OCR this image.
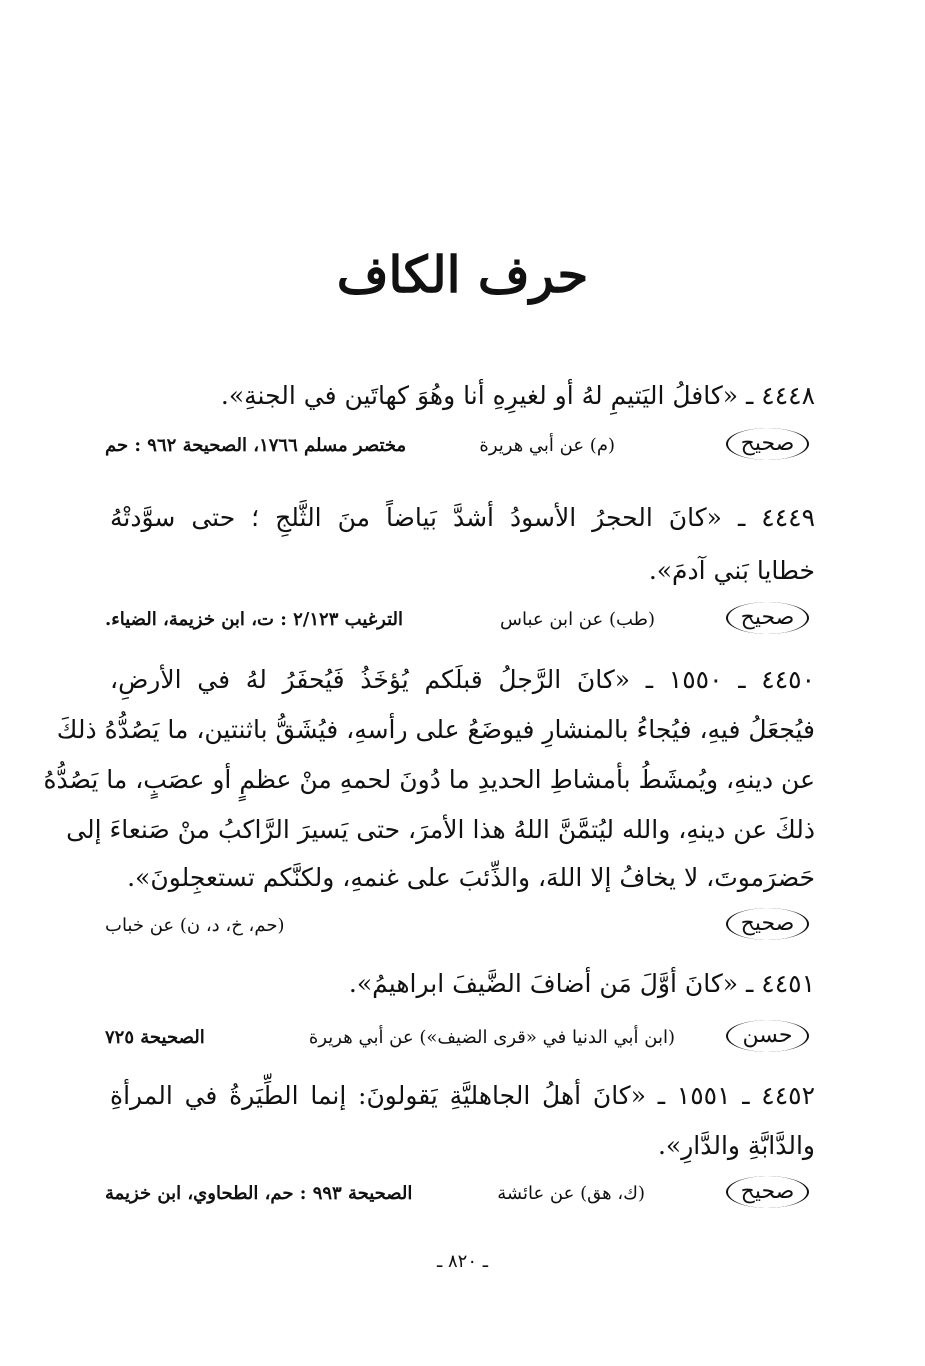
حرف الكاف
٤٤٤٨ ـ «كافلُ اليَتيمِ لهُ أو لغيرِهِ أنا وهُوَ كهاتَين في الجنةِ».
صحيح
(م) عن أبي هريرة
مختصر مسلم ١٧٦٦، الصحيحة ٩٦٢ : حم
٤٤٤٩ ـ «كانَ الحجرُ الأسودُ أشدَّ بَياضاً منَ الثَّلجِ ؛ حتى سوَّدتْهُ
خطايا بَني آدمَ».
صحيح
(طب) عن ابن عباس
الترغيب ٢/١٢٣ : ت، ابن خزيمة، الضياء.
٤٤٥٠ ـ ١٥٥٠ ـ «كانَ الرَّجلُ قبلَكم يُؤخَذُ فَيُحفَرُ لهُ في الأرضِ،
فيُجعَلُ فيهِ، فيُجاءُ بالمنشارِ فيوضَعُ على رأسهِ، فيُشَقُّ باثنتين، ما يَصُدُّهُ ذلكَ
عن دينهِ، ويُمشَطُ بأمشاطِ الحديدِ ما دُونَ لحمهِ منْ عظمٍ أو عصَبٍ، ما يَصُدُّهُ
ذلكَ عن دينهِ، والله ليُتمَّنَّ اللهُ هذا الأمرَ، حتى يَسيرَ الرَّاكبُ منْ صَنعاءَ إلى
حَضرَموتَ، لا يخافُ إلا اللهَ، والذِّئبَ على غنمهِ، ولكنَّكم تستعجِلونَ».
صحيح
(حم، خ، د، ن) عن خباب
٤٤٥١ ـ «كانَ أوَّلَ مَن أضافَ الضَّيفَ ابراهيمُ».
حسن
(ابن أبي الدنيا في «قرى الضيف») عن أبي هريرة
الصحيحة ٧٢٥
٤٤٥٢ ـ ١٥٥١ ـ «كانَ أهلُ الجاهليَّةِ يَقولونَ: إنما الطِّيَرةُ في المرأةِ
والدَّابَّةِ والدَّارِ».
صحيح
(ك، هق) عن عائشة
الصحيحة ٩٩٣ : حم، الطحاوي، ابن خزيمة
ـ ٨٢٠ ـ
